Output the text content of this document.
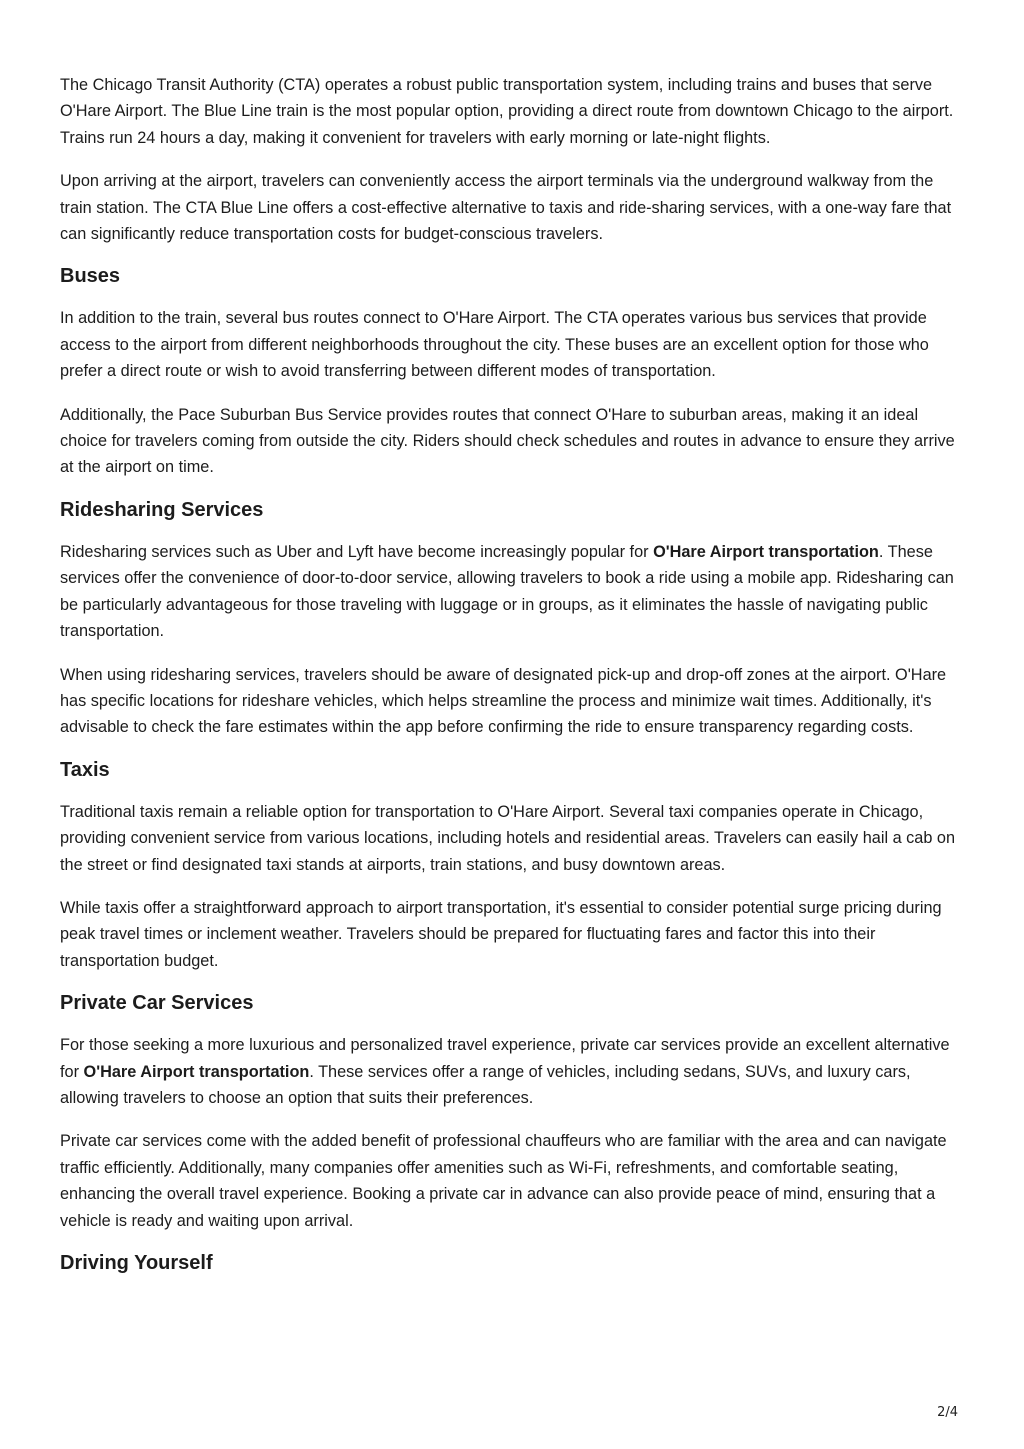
The Chicago Transit Authority (CTA) operates a robust public transportation system, including trains and buses that serve O'Hare Airport. The Blue Line train is the most popular option, providing a direct route from downtown Chicago to the airport. Trains run 24 hours a day, making it convenient for travelers with early morning or late-night flights.

Upon arriving at the airport, travelers can conveniently access the airport terminals via the underground walkway from the train station. The CTA Blue Line offers a cost-effective alternative to taxis and ride-sharing services, with a one-way fare that can significantly reduce transportation costs for budget-conscious travelers.

Buses

In addition to the train, several bus routes connect to O'Hare Airport. The CTA operates various bus services that provide access to the airport from different neighborhoods throughout the city. These buses are an excellent option for those who prefer a direct route or wish to avoid transferring between different modes of transportation.

Additionally, the Pace Suburban Bus Service provides routes that connect O'Hare to suburban areas, making it an ideal choice for travelers coming from outside the city. Riders should check schedules and routes in advance to ensure they arrive at the airport on time.

Ridesharing Services

Ridesharing services such as Uber and Lyft have become increasingly popular for O'Hare Airport transportation. These services offer the convenience of door-to-door service, allowing travelers to book a ride using a mobile app. Ridesharing can be particularly advantageous for those traveling with luggage or in groups, as it eliminates the hassle of navigating public transportation.

When using ridesharing services, travelers should be aware of designated pick-up and drop-off zones at the airport. O'Hare has specific locations for rideshare vehicles, which helps streamline the process and minimize wait times. Additionally, it's advisable to check the fare estimates within the app before confirming the ride to ensure transparency regarding costs.

Taxis

Traditional taxis remain a reliable option for transportation to O'Hare Airport. Several taxi companies operate in Chicago, providing convenient service from various locations, including hotels and residential areas. Travelers can easily hail a cab on the street or find designated taxi stands at airports, train stations, and busy downtown areas.

While taxis offer a straightforward approach to airport transportation, it's essential to consider potential surge pricing during peak travel times or inclement weather. Travelers should be prepared for fluctuating fares and factor this into their transportation budget.

Private Car Services

For those seeking a more luxurious and personalized travel experience, private car services provide an excellent alternative for O'Hare Airport transportation. These services offer a range of vehicles, including sedans, SUVs, and luxury cars, allowing travelers to choose an option that suits their preferences.

Private car services come with the added benefit of professional chauffeurs who are familiar with the area and can navigate traffic efficiently. Additionally, many companies offer amenities such as Wi-Fi, refreshments, and comfortable seating, enhancing the overall travel experience. Booking a private car in advance can also provide peace of mind, ensuring that a vehicle is ready and waiting upon arrival.

Driving Yourself
2/4
